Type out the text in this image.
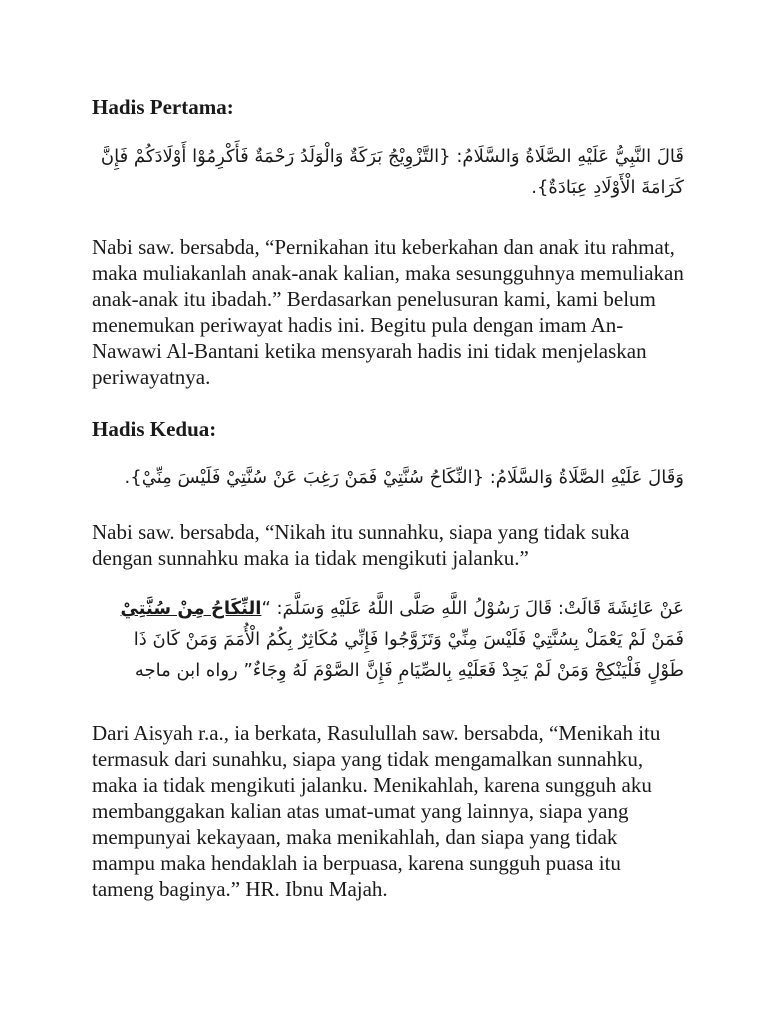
Hadis Pertama:

قَالَ النَّبِيُّ عَلَيْهِ الصَّلَاةُ وَالسَّلَامُ: {التَّزْوِيْجُ بَرَكَةٌ وَالْوَلَدُ رَحْمَةٌ فَأَكْرِمُوْا أَوْلَادَكُمْ فَإِنَّ كَرَامَةَ الْأَوْلَادِ عِبَادَةٌ}.

Nabi saw. bersabda, “Pernikahan itu keberkahan dan anak itu rahmat, maka muliakanlah anak-anak kalian, maka sesungguhnya memuliakan anak-anak itu ibadah.” Berdasarkan penelusuran kami, kami belum menemukan periwayat hadis ini. Begitu pula dengan imam An-Nawawi Al-Bantani ketika mensyarah hadis ini tidak menjelaskan periwayatnya.

Hadis Kedua:

وَقَالَ عَلَيْهِ الصَّلَاةُ وَالسَّلَامُ: {النِّكَاحُ سُنَّتِيْ فَمَنْ رَغِبَ عَنْ سُنَّتِيْ فَلَيْسَ مِنِّيْ}.

Nabi saw. bersabda, “Nikah itu sunnahku, siapa yang tidak suka dengan sunnahku maka ia tidak mengikuti jalanku.”

عَنْ عَائِشَةَ قَالَتْ: قَالَ رَسُوْلُ اللَّهِ صَلَّى اللَّهُ عَلَيْهِ وَسَلَّمَ: “النِّكَاحُ مِنْ سُنَّتِيْ فَمَنْ لَمْ يَعْمَلْ بِسُنَّتِيْ فَلَيْسَ مِنِّيْ وَتَزَوَّجُوا فَإِنِّي مُكَاثِرٌ بِكُمُ الْأُمَمَ وَمَنْ كَانَ ذَا طَوْلٍ فَلْيَنْكِحْ وَمَنْ لَمْ يَجِدْ فَعَلَيْهِ بِالصِّيَامِ فَإِنَّ الصَّوْمَ لَهُ وِجَاءٌ” رواه ابن ماجه

Dari Aisyah r.a., ia berkata, Rasulullah saw. bersabda, “Menikah itu termasuk dari sunahku, siapa yang tidak mengamalkan sunnahku, maka ia tidak mengikuti jalanku. Menikahlah, karena sungguh aku membanggakan kalian atas umat-umat yang lainnya, siapa yang mempunyai kekayaan, maka menikahlah, dan siapa yang tidak mampu maka hendaklah ia berpuasa, karena sungguh puasa itu tameng baginya.” HR. Ibnu Majah.
